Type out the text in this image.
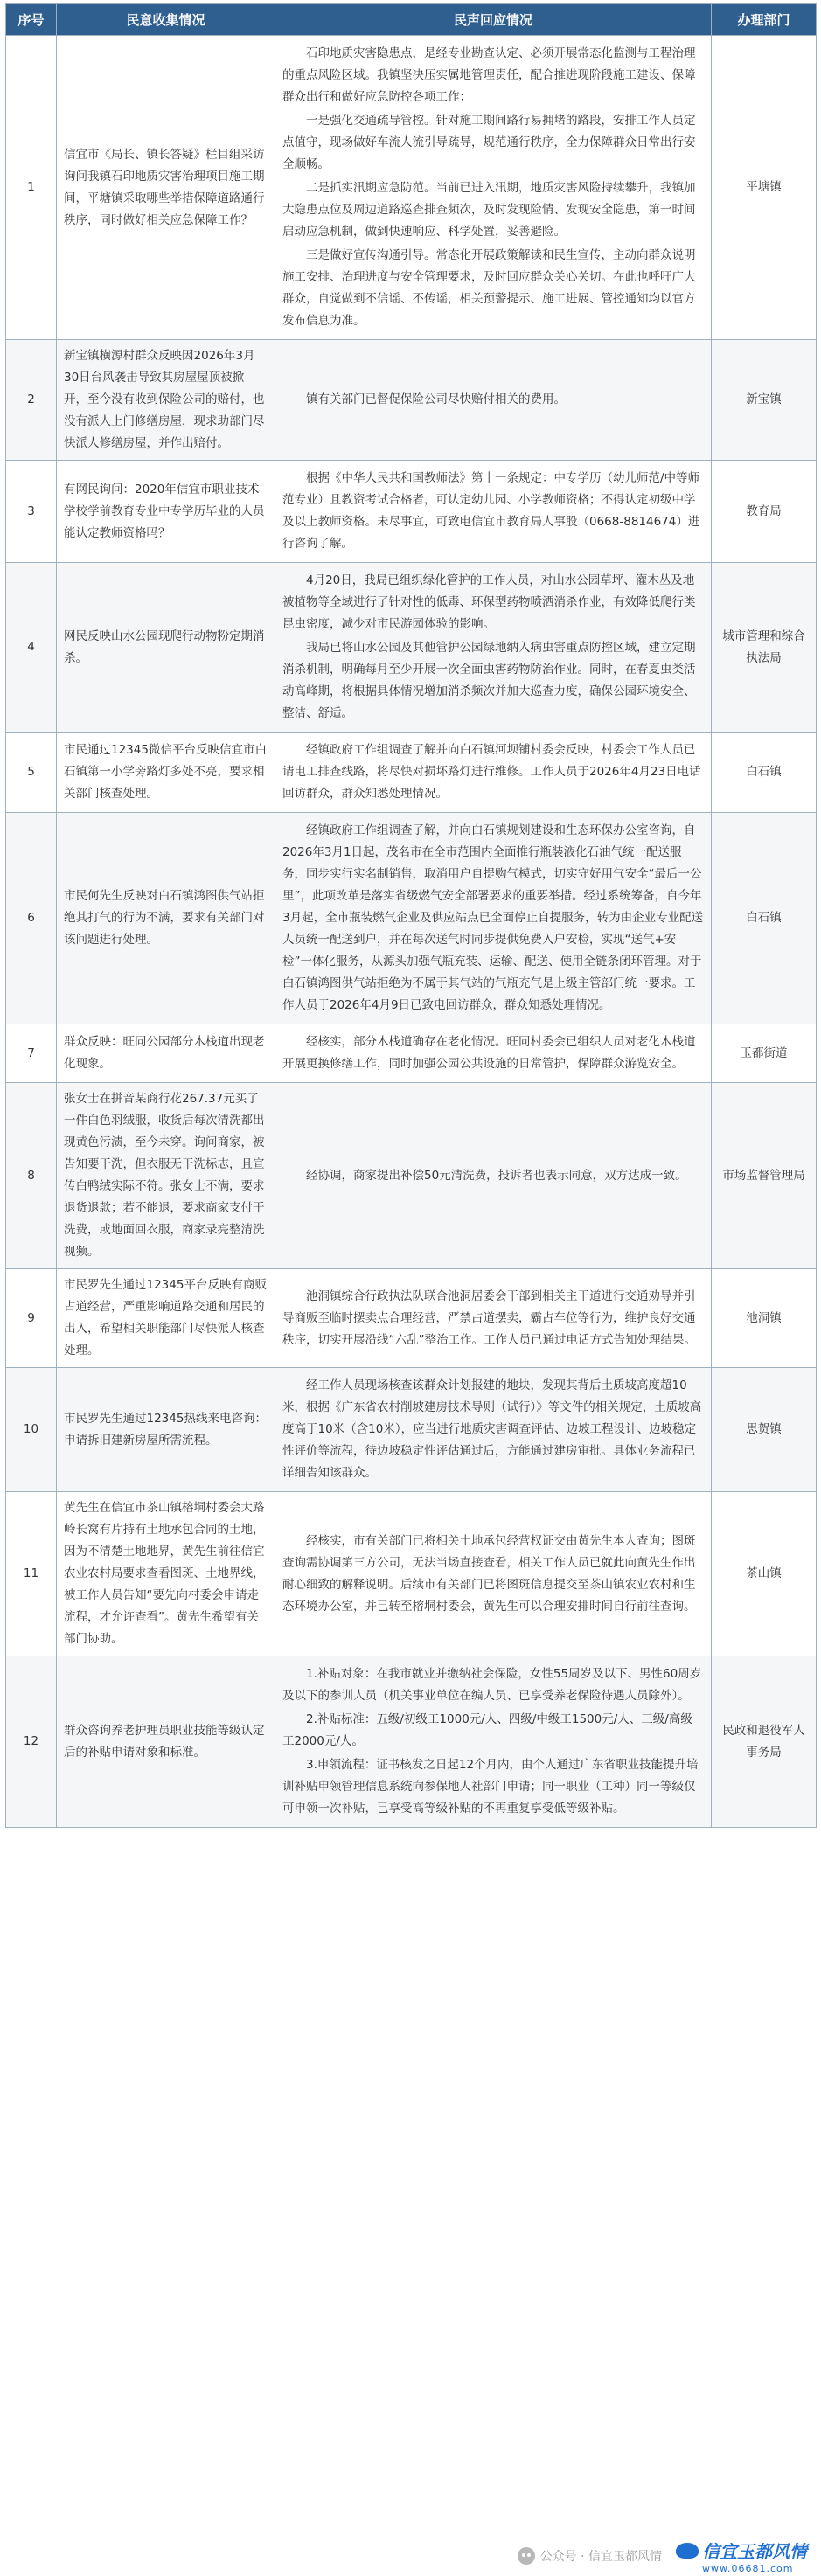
序号	民意收集情况	民声回应情况	办理部门
1	信宜市《局长、镇长答疑》栏目组采访询问我镇石印地质灾害治理项目施工期间，平塘镇采取哪些举措保障道路通行秩序，同时做好相关应急保障工作？	石印地质灾害隐患点，是经专业勘查认定、必须开展常态化监测与工程治理的重点风险区域。我镇坚决压实属地管理责任，配合推进现阶段施工建设、保障群众出行和做好应急防控各项工作：

一是强化交通疏导管控。针对施工期间路行易拥堵的路段，安排工作人员定点值守，现场做好车流人流引导疏导，规范通行秩序，全力保障群众日常出行安全顺畅。

二是抓实汛期应急防范。当前已进入汛期，地质灾害风险持续攀升，我镇加大隐患点位及周边道路巡查排查频次，及时发现险情、发现安全隐患，第一时间启动应急机制，做到快速响应、科学处置，妥善避险。

三是做好宣传沟通引导。常态化开展政策解读和民生宣传，主动向群众说明施工安排、治理进度与安全管理要求，及时回应群众关心关切。在此也呼吁广大群众，自觉做到不信谣、不传谣，相关预警提示、施工进展、管控通知均以官方发布信息为准。	平塘镇
2	新宝镇横源村群众反映因2026年3月30日台风袭击导致其房屋屋顶被掀开，至今没有收到保险公司的赔付，也没有派人上门修缮房屋，现求助部门尽快派人修缮房屋，并作出赔付。	镇有关部门已督促保险公司尽快赔付相关的费用。	新宝镇
3	有网民询问：2020年信宜市职业技术学校学前教育专业中专学历毕业的人员能认定教师资格吗？	根据《中华人民共和国教师法》第十一条规定：中专学历（幼儿师范/中等师范专业）且教资考试合格者，可认定幼儿园、小学教师资格；不得认定初级中学及以上教师资格。未尽事宜，可致电信宜市教育局人事股（0668-8814674）进行咨询了解。	教育局
4	网民反映山水公园现爬行动物粉定期消杀。	4月20日，我局已组织绿化管护的工作人员，对山水公园草坪、灌木丛及地被植物等全域进行了针对性的低毒、环保型药物喷洒消杀作业，有效降低爬行类昆虫密度，减少对市民游园体验的影响。

我局已将山水公园及其他管护公园绿地纳入病虫害重点防控区域，建立定期消杀机制，明确每月至少开展一次全面虫害药物防治作业。同时，在春夏虫类活动高峰期，将根据具体情况增加消杀频次并加大巡查力度，确保公园环境安全、整洁、舒适。	城市管理和综合执法局
5	市民通过12345微信平台反映信宜市白石镇第一小学旁路灯多处不亮，要求相关部门核查处理。	经镇政府工作组调查了解并向白石镇河坝铺村委会反映，村委会工作人员已请电工排查线路，将尽快对损坏路灯进行维修。工作人员于2026年4月23日电话回访群众，群众知悉处理情况。	白石镇
6	市民何先生反映对白石镇鸿图供气站拒绝其打气的行为不满，要求有关部门对该问题进行处理。	经镇政府工作组调查了解，并向白石镇规划建设和生态环保办公室咨询，自2026年3月1日起，茂名市在全市范围内全面推行瓶装液化石油气统一配送服务，同步实行实名制销售，取消用户自提购气模式，切实守好用气安全“最后一公里”，此项改革是落实省级燃气安全部署要求的重要举措。经过系统筹备，自今年3月起，全市瓶装燃气企业及供应站点已全面停止自提服务，转为由企业专业配送人员统一配送到户，并在每次送气时同步提供免费入户安检，实现“送气+安检”一体化服务，从源头加强气瓶充装、运输、配送、使用全链条闭环管理。对于白石镇鸿图供气站拒绝为不属于其气站的气瓶充气是上级主管部门统一要求。工作人员于2026年4月9日已致电回访群众，群众知悉处理情况。	白石镇
7	群众反映：旺同公园部分木栈道出现老化现象。	经核实，部分木栈道确存在老化情况。旺同村委会已组织人员对老化木栈道开展更换修缮工作，同时加强公园公共设施的日常管护，保障群众游览安全。	玉都街道
8	张女士在拼音某商行花267.37元买了一件白色羽绒服，收货后每次清洗都出现黄色污渍，至今未穿。询问商家，被告知要干洗，但衣服无干洗标志，且宣传白鸭绒实际不符。张女士不满，要求退货退款；若不能退，要求商家支付干洗费，或地面回衣服，商家录亮整清洗视频。	经协调，商家提出补偿50元清洗费，投诉者也表示同意，双方达成一致。	市场监督管理局
9	市民罗先生通过12345平台反映有商贩占道经营，严重影响道路交通和居民的出入，希望相关职能部门尽快派人核查处理。	池洞镇综合行政执法队联合池洞居委会干部到相关主干道进行交通劝导并引导商贩至临时摆卖点合理经营，严禁占道摆卖，霸占车位等行为，维护良好交通秩序，切实开展沿线“六乱”整治工作。工作人员已通过电话方式告知处理结果。	池洞镇
10	市民罗先生通过12345热线来电咨询：申请拆旧建新房屋所需流程。	经工作人员现场核查该群众计划报建的地块，发现其背后土质坡高度超10米，根据《广东省农村削坡建房技术导则（试行）》等文件的相关规定，土质坡高度高于10米（含10米），应当进行地质灾害调查评估、边坡工程设计、边坡稳定性评价等流程，待边坡稳定性评估通过后，方能通过建房审批。具体业务流程已详细告知该群众。	思贺镇
11	黄先生在信宜市茶山镇榕垌村委会大路岭长窝有片持有土地承包合同的土地，因为不清楚土地地界，黄先生前往信宜农业农村局要求查看图斑、土地界线，被工作人员告知“要先向村委会申请走流程，才允许查看”。黄先生希望有关部门协助。	经核实，市有关部门已将相关土地承包经营权证交由黄先生本人查询；图斑查询需协调第三方公司，无法当场直接查看，相关工作人员已就此向黄先生作出耐心细致的解释说明。后续市有关部门已将图斑信息提交至茶山镇农业农村和生态环境办公室，并已转至榕垌村委会，黄先生可以合理安排时间自行前往查询。	茶山镇
12	群众咨询养老护理员职业技能等级认定后的补贴申请对象和标准。	1.补贴对象：在我市就业并缴纳社会保险，女性55周岁及以下、男性60周岁及以下的参训人员（机关事业单位在编人员、已享受养老保险待遇人员除外）。

2.补贴标准：五级/初级工1000元/人、四级/中级工1500元/人、三级/高级工2000元/人。

3.申领流程：证书核发之日起12个月内，由个人通过广东省职业技能提升培训补贴申领管理信息系统向参保地人社部门申请；同一职业（工种）同一等级仅可申领一次补贴，已享受高等级补贴的不再重复享受低等级补贴。	民政和退役军人事务局
公众号 · 信宜玉都风情 信宜玉都风情
www.06681.com
